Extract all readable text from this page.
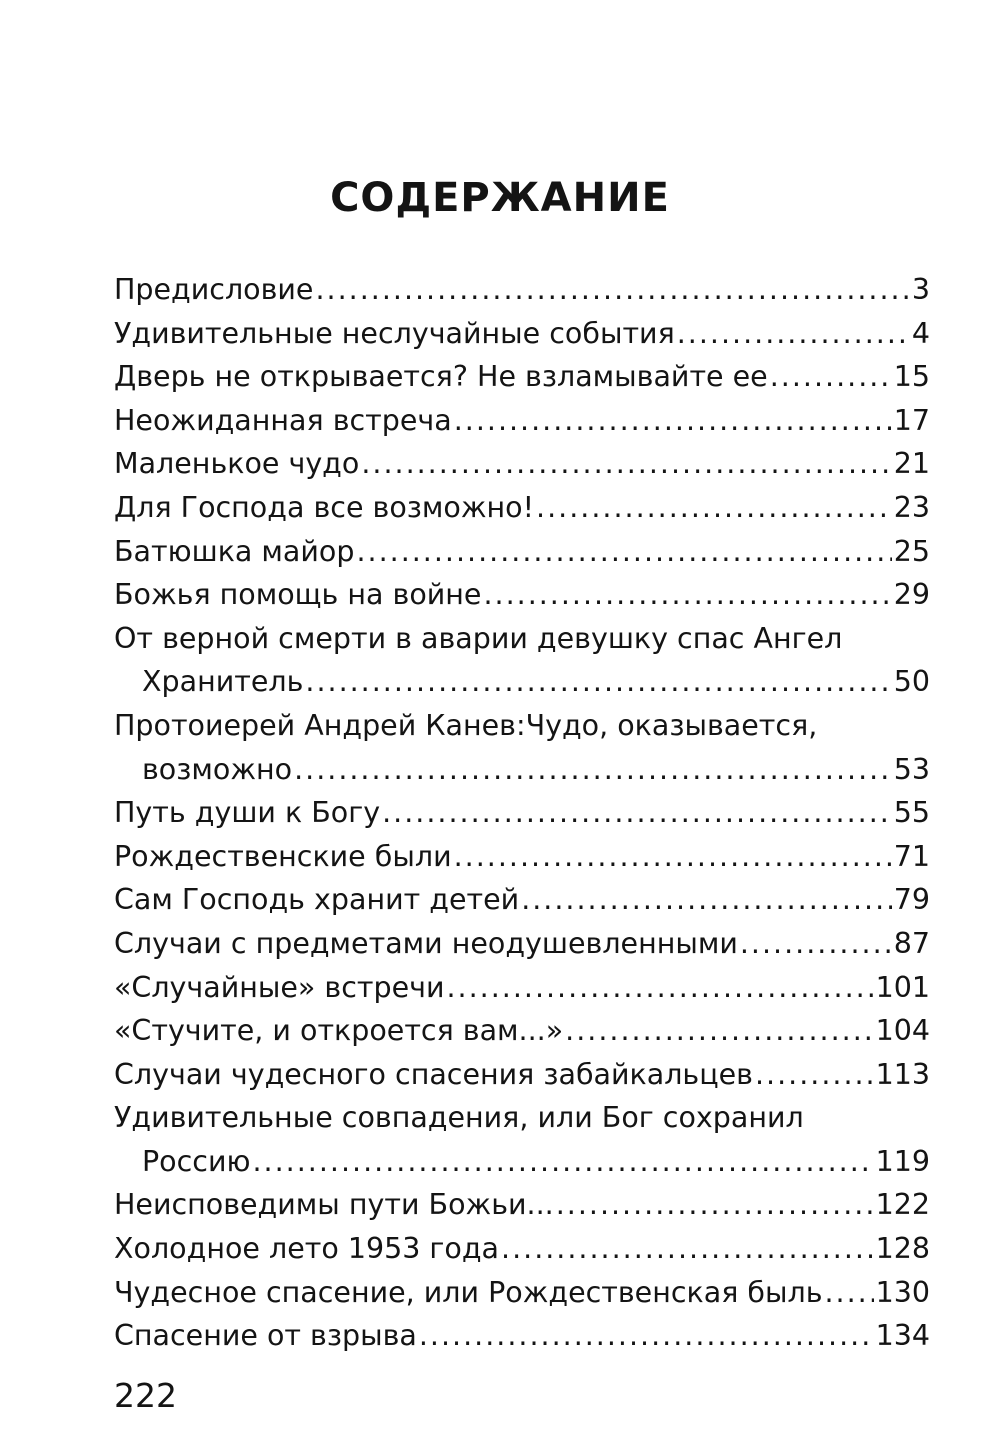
СОДЕРЖАНИЕ
Предисловие .....	3
Удивительные неслучайные события .....	4
Дверь не открывается? Не взламывайте ее .....	15
Неожиданная встреча .....	17
Маленькое чудо .....	21
Для Господа все возможно! .....	23
Батюшка майор .....	25
Божья помощь на войне .....	29
От верной смерти в аварии девушку спас Ангел
Хранитель .....	50
Протоиерей Андрей Канев:Чудо, оказывается,
возможно .....	53
Путь души к Богу .....	55
Рождественские были .....	71
Сам Господь хранит детей .....	79
Случаи с предметами неодушевленными .....	87
«Случайные» встречи .....	101
«Стучите, и откроется вам...» .....	104
Случаи чудесного спасения забайкальцев .....	113
Удивительные совпадения, или Бог сохранил
Россию .....	119
Неисповедимы пути Божьи... .....	122
Холодное лето 1953 года .....	128
Чудесное спасение, или Рождественская быль ..... 130
Спасение от взрыва .....	134

222
